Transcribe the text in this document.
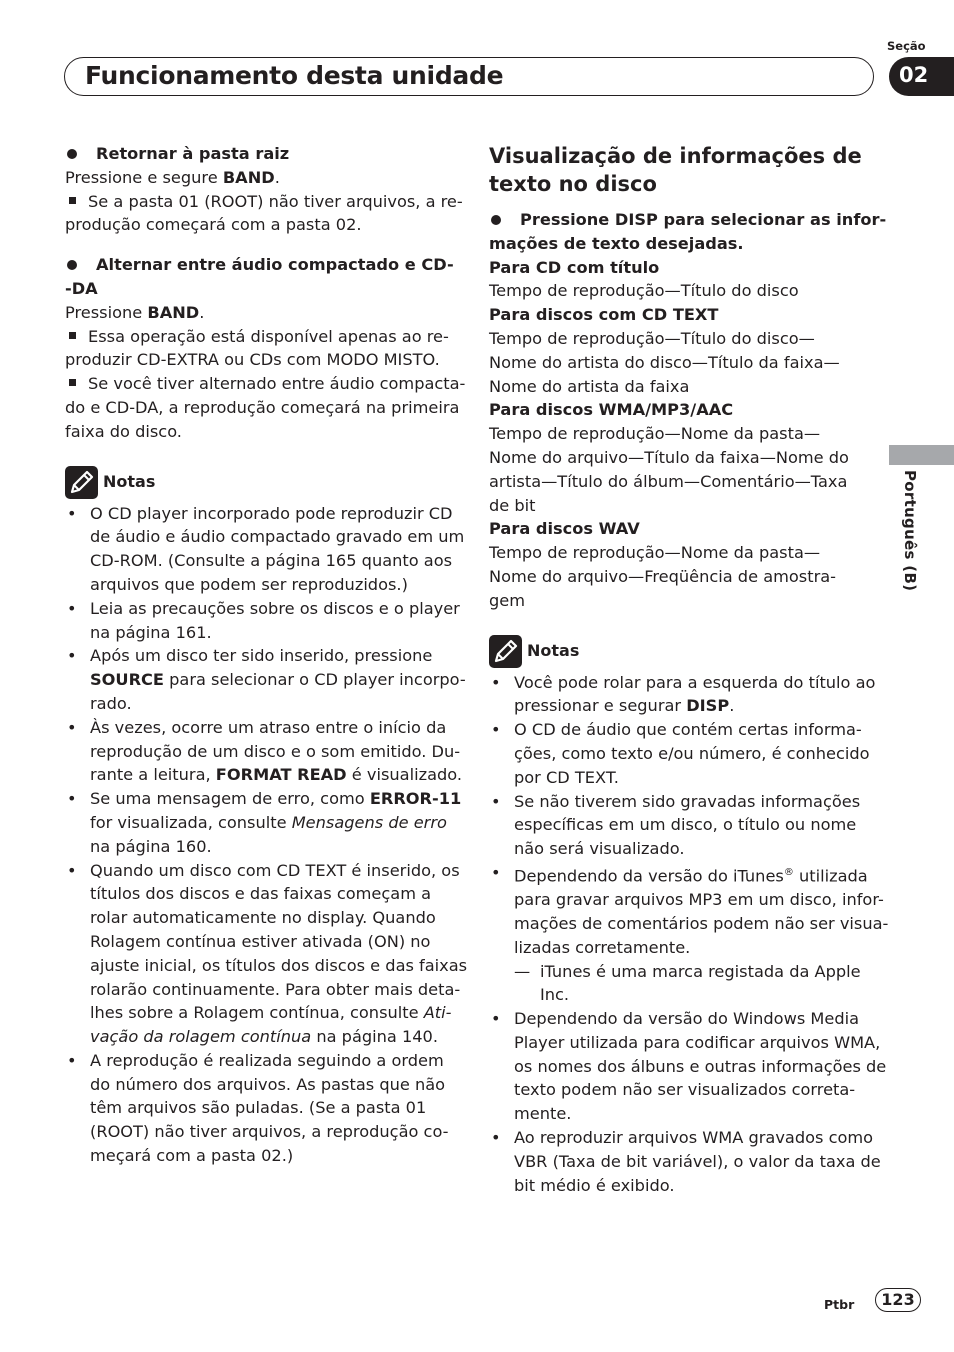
Funcionamento desta unidade
Seção
02
Português (B)
Retornar à pasta raiz
Pressione e segure BAND.
Se a pasta 01 (ROOT) não tiver arquivos, a re-
produção começará com a pasta 02.
Alternar entre áudio compactado e CD-
-DA
Pressione BAND.
Essa operação está disponível apenas ao re-
produzir CD-EXTRA ou CDs com MODO MISTO.
Se você tiver alternado entre áudio compacta-
do e CD-DA, a reprodução começará na primeira
faixa do disco.
Notas
• O CD player incorporado pode reproduzir CD
de áudio e áudio compactado gravado em um
CD-ROM. (Consulte a página 165 quanto aos
arquivos que podem ser reproduzidos.)
• Leia as precauções sobre os discos e o player
na página 161.
• Após um disco ter sido inserido, pressione
SOURCE para selecionar o CD player incorpo-
rado.
• Às vezes, ocorre um atraso entre o início da
reprodução de um disco e o som emitido. Du-
rante a leitura, FORMAT READ é visualizado.
• Se uma mensagem de erro, como ERROR-11
for visualizada, consulte Mensagens de erro
na página 160.
• Quando um disco com CD TEXT é inserido, os
títulos dos discos e das faixas começam a
rolar automaticamente no display. Quando
Rolagem contínua estiver ativada (ON) no
ajuste inicial, os títulos dos discos e das faixas
rolarão continuamente. Para obter mais deta-
lhes sobre a Rolagem contínua, consulte Ati-
vação da rolagem contínua na página 140.
• A reprodução é realizada seguindo a ordem
do número dos arquivos. As pastas que não
têm arquivos são puladas. (Se a pasta 01
(ROOT) não tiver arquivos, a reprodução co-
meçará com a pasta 02.)
Visualização de informações de
texto no disco
Pressione DISP para selecionar as infor-
mações de texto desejadas.
Para CD com título
Tempo de reprodução—Título do disco
Para discos com CD TEXT
Tempo de reprodução—Título do disco—
Nome do artista do disco—Título da faixa—
Nome do artista da faixa
Para discos WMA/MP3/AAC
Tempo de reprodução—Nome da pasta—
Nome do arquivo—Título da faixa—Nome do
artista—Título do álbum—Comentário—Taxa
de bit
Para discos WAV
Tempo de reprodução—Nome da pasta—
Nome do arquivo—Freqüência de amostra-
gem
Notas
• Você pode rolar para a esquerda do título ao
pressionar e segurar DISP.
• O CD de áudio que contém certas informa-
ções, como texto e/ou número, é conhecido
por CD TEXT.
• Se não tiverem sido gravadas informações
específicas em um disco, o título ou nome
não será visualizado.
• Dependendo da versão do iTunes® utilizada
para gravar arquivos MP3 em um disco, infor-
mações de comentários podem não ser visua-
lizadas corretamente.
— iTunes é uma marca registada da Apple
Inc.
• Dependendo da versão do Windows Media
Player utilizada para codificar arquivos WMA,
os nomes dos álbuns e outras informações de
texto podem não ser visualizados correta-
mente.
• Ao reproduzir arquivos WMA gravados como
VBR (Taxa de bit variável), o valor da taxa de
bit médio é exibido.
Ptbr	123
